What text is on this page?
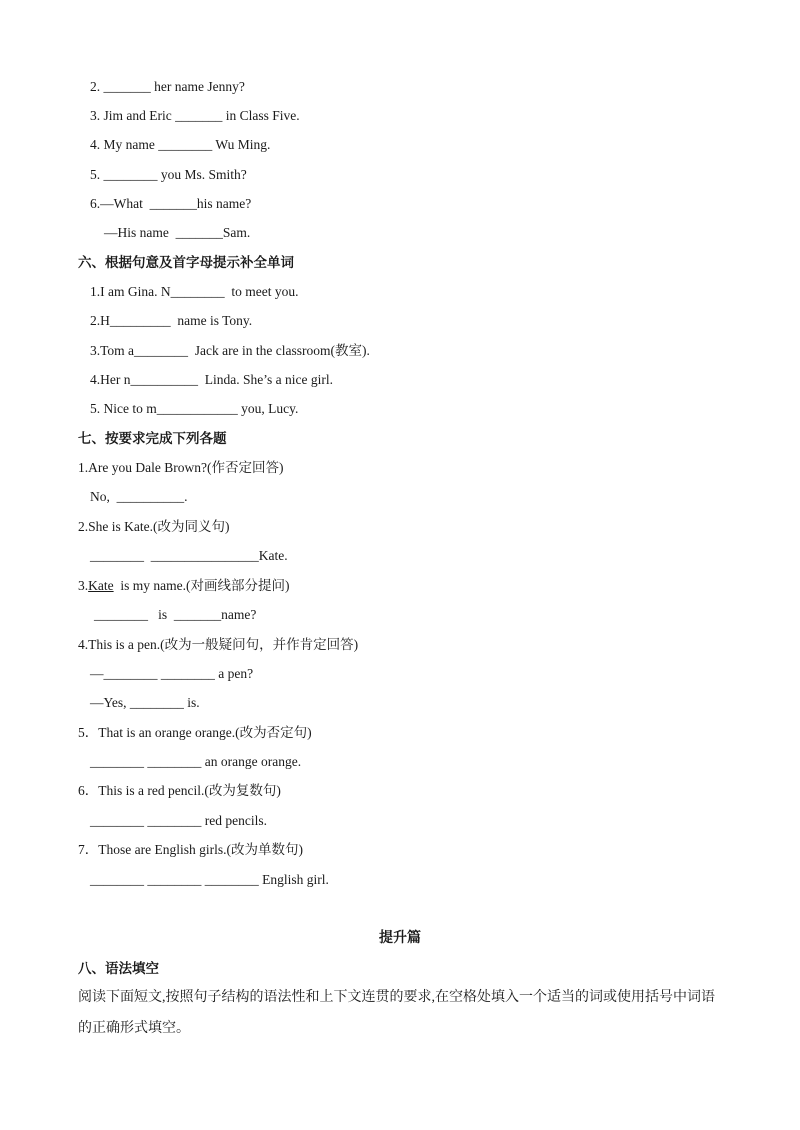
2. _______ her name Jenny?
3. Jim and Eric _______ in Class Five.
4. My name ________ Wu Ming.
5. ________ you Ms. Smith?
6.—What  _______his name?
—His name  _______Sam.
六、根据句意及首字母提示补全单词
1.I am Gina. N________  to meet you.
2.H_________  name is Tony.
3.Tom a________  Jack are in the classroom(教室).
4.Her n__________  Linda. She’s a nice girl.
5. Nice to m____________ you, Lucy.
七、按要求完成下列各题
1.Are you Dale Brown?(作否定回答)
No,  __________.
2.She is Kate.(改为同义句)
________  ________________Kate.
3.Kate  is my name.(对画线部分提问)
________   is  _______name?
4.This is a pen.(改为一般疑问句，并作肯定回答)
—________ ________ a pen?
—Yes, ________ is.
5．That is an orange orange.(改为否定句)
________ ________ an orange orange.
6．This is a red pencil.(改为复数句)
________ ________ red pencils.
7．Those are English girls.(改为单数句)
________ ________ ________ English girl.
提升篇
八、语法填空
阅读下面短文,按照句子结构的语法性和上下文连贯的要求,在空格处填入一个适当的词或使用括号中词语的正确形式填空。
